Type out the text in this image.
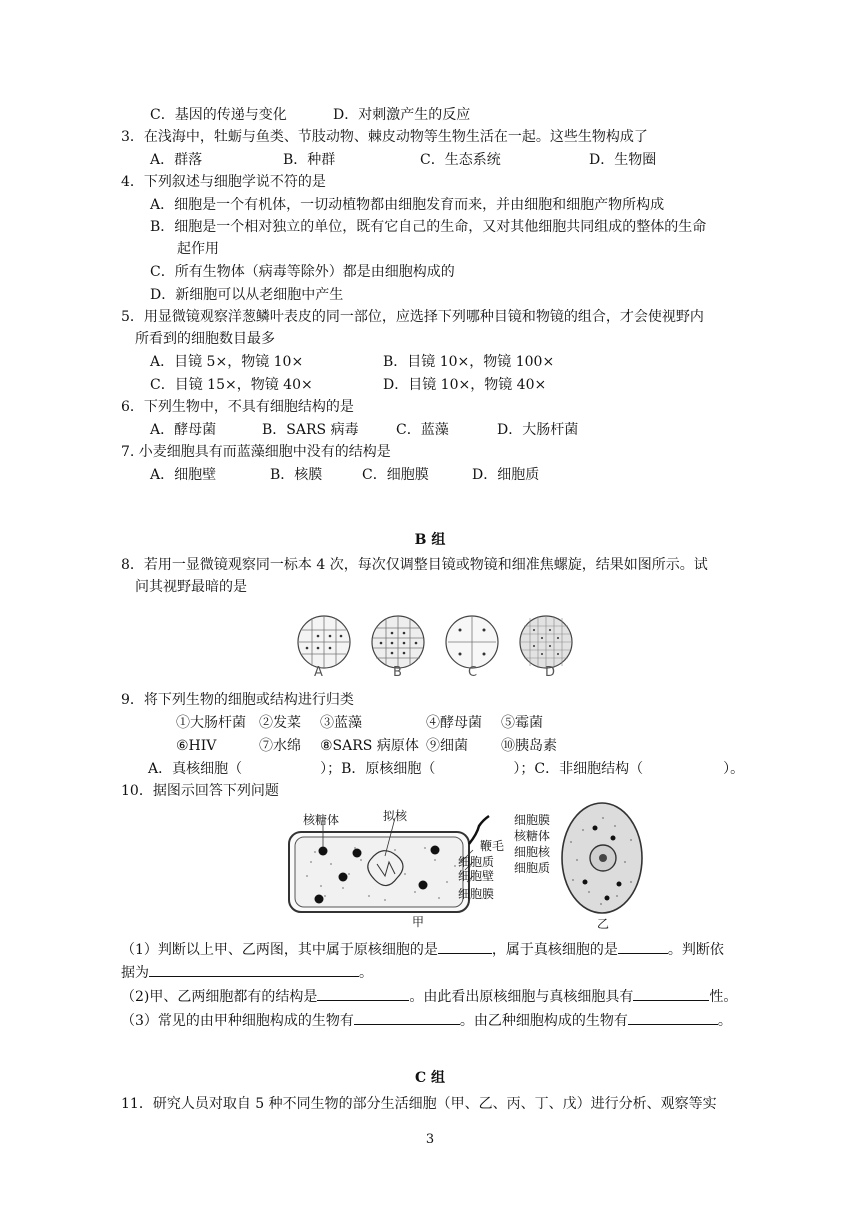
C．基因的传递与变化	D．对刺激产生的反应
3．在浅海中，牡蛎与鱼类、节肢动物、棘皮动物等生物生活在一起。这些生物构成了
A．群落	B．种群	C．生态系统	D．生物圈
4．下列叙述与细胞学说不符的是
A．细胞是一个有机体，一切动植物都由细胞发育而来，并由细胞和细胞产物所构成
B．细胞是一个相对独立的单位，既有它自己的生命，又对其他细胞共同组成的整体的生命
起作用
C．所有生物体（病毒等除外）都是由细胞构成的
D．新细胞可以从老细胞中产生
5．用显微镜观察洋葱鳞叶表皮的同一部位，应选择下列哪种目镜和物镜的组合，才会使视野内
所看到的细胞数目最多
A．目镜 5×，物镜 10×	B．目镜 10×，物镜 100×
C．目镜 15×，物镜 40×	D．目镜 10×，物镜 40×
6．下列生物中，不具有细胞结构的是
A．酵母菌	B．SARS 病毒	C．蓝藻	D．大肠杆菌
7. 小麦细胞具有而蓝藻细胞中没有的结构是
A．细胞壁	B．核膜	C．细胞膜	D．细胞质
B 组
8．若用一显微镜观察同一标本 4 次，每次仅调整目镜或物镜和细准焦螺旋，结果如图所示。试
问其视野最暗的是
A	B	C	D
9．将下列生物的细胞或结构进行归类
①大肠杆菌 ②发菜 ③蓝藻	④酵母菌 ⑤霉菌
⑥HIV	⑦水绵 ⑧SARS 病原体 ⑨细菌 ⑩胰岛素
A．真核细胞（	）；B．原核细胞（	）；C．非细胞结构（	）。
10．据图示回答下列问题
核糖体	拟核
鞭毛
细胞质
细胞壁
细胞膜
甲
细胞膜
核糖体
细胞核
细胞质
乙
（1）判断以上甲、乙两图，其中属于原核细胞的是	，属于真核细胞的是	。判断依
据为	。
（2)甲、乙两细胞都有的结构是	。由此看出原核细胞与真核细胞具有	性。
（3）常见的由甲种细胞构成的生物有	。由乙种细胞构成的生物有	。
C 组
11．研究人员对取自 5 种不同生物的部分生活细胞（甲、乙、丙、丁、戊）进行分析、观察等实
3
